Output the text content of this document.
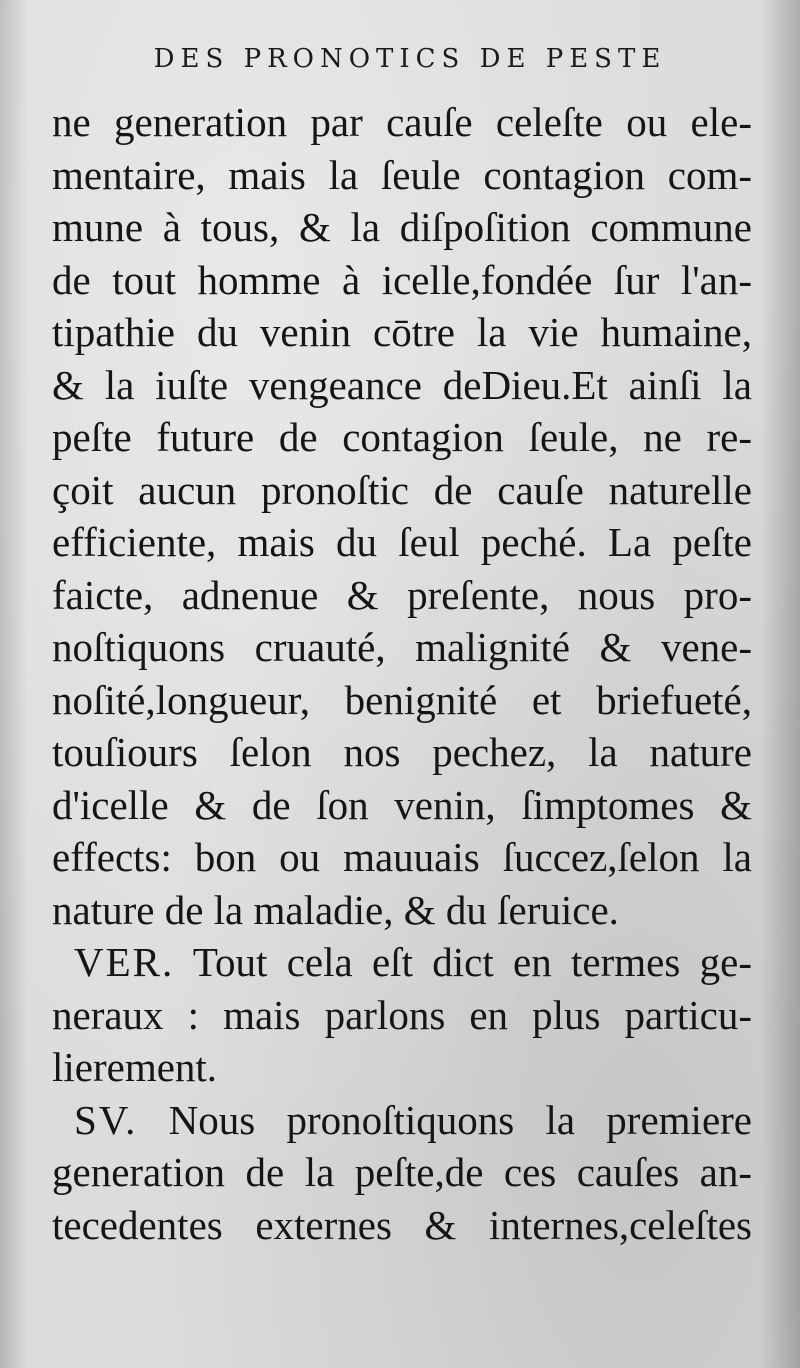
DES PRONOTICS DE PESTE
ne generation par cauſe celeſte ou ele-
mentaire, mais la ſeule contagion com-
mune à tous, & la diſpoſition commune
de tout homme à icelle,fondée ſur l'an-
tipathie du venin cōtre la vie humaine,
& la iuſte vengeance deDieu.Et ainſi la
peſte future de contagion ſeule, ne re-
çoit aucun pronoſtic de cauſe naturelle
efficiente, mais du ſeul peché. La peſte
faicte, adnenue & preſente, nous pro-
noſtiquons cruauté, malignité & vene-
noſité,longueur, benignité et briefueté,
touſiours ſelon nos pechez, la nature
d'icelle & de ſon venin, ſimptomes &
effects: bon ou mauuais ſuccez,ſelon la
nature de la maladie, & du ſeruice.
VER. Tout cela eſt dict en termes ge-
neraux : mais parlons en plus particu-
lierement.
SV. Nous pronoſtiquons la premiere
generation de la peſte,de ces cauſes an-
tecedentes externes & internes,celeſtes
